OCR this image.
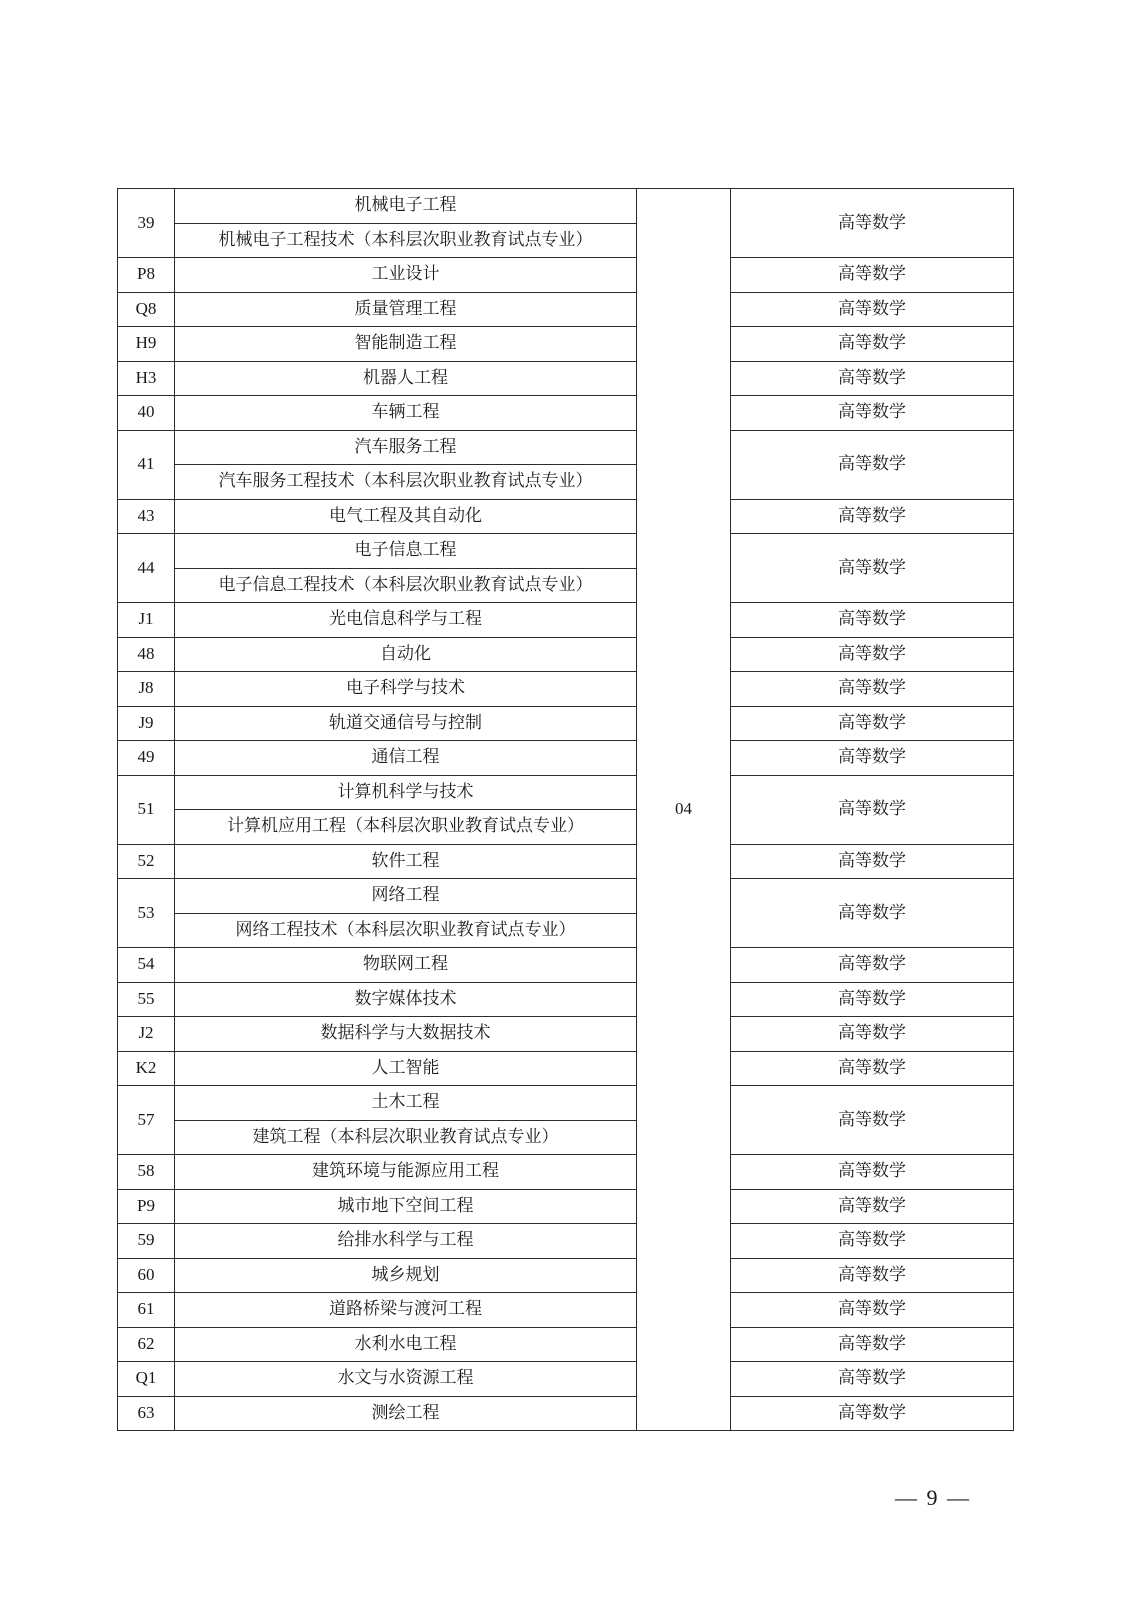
39	机械电子工程	04	高等数学
	机械电子工程技术（本科层次职业教育试点专业）		
P8	工业设计		高等数学
Q8	质量管理工程		高等数学
H9	智能制造工程		高等数学
H3	机器人工程		高等数学
40	车辆工程		高等数学
41	汽车服务工程		高等数学
	汽车服务工程技术（本科层次职业教育试点专业）		
43	电气工程及其自动化		高等数学
44	电子信息工程		高等数学
	电子信息工程技术（本科层次职业教育试点专业）		
J1	光电信息科学与工程		高等数学
48	自动化		高等数学
J8	电子科学与技术		高等数学
J9	轨道交通信号与控制		高等数学
49	通信工程		高等数学
51	计算机科学与技术		高等数学
	计算机应用工程（本科层次职业教育试点专业）		
52	软件工程		高等数学
53	网络工程		高等数学
	网络工程技术（本科层次职业教育试点专业）		
54	物联网工程		高等数学
55	数字媒体技术		高等数学
J2	数据科学与大数据技术		高等数学
K2	人工智能		高等数学
57	土木工程		高等数学
	建筑工程（本科层次职业教育试点专业）		
58	建筑环境与能源应用工程		高等数学
P9	城市地下空间工程		高等数学
59	给排水科学与工程		高等数学
60	城乡规划		高等数学
61	道路桥梁与渡河工程		高等数学
62	水利水电工程		高等数学
Q1	水文与水资源工程		高等数学
63	测绘工程		高等数学
— 9 —
